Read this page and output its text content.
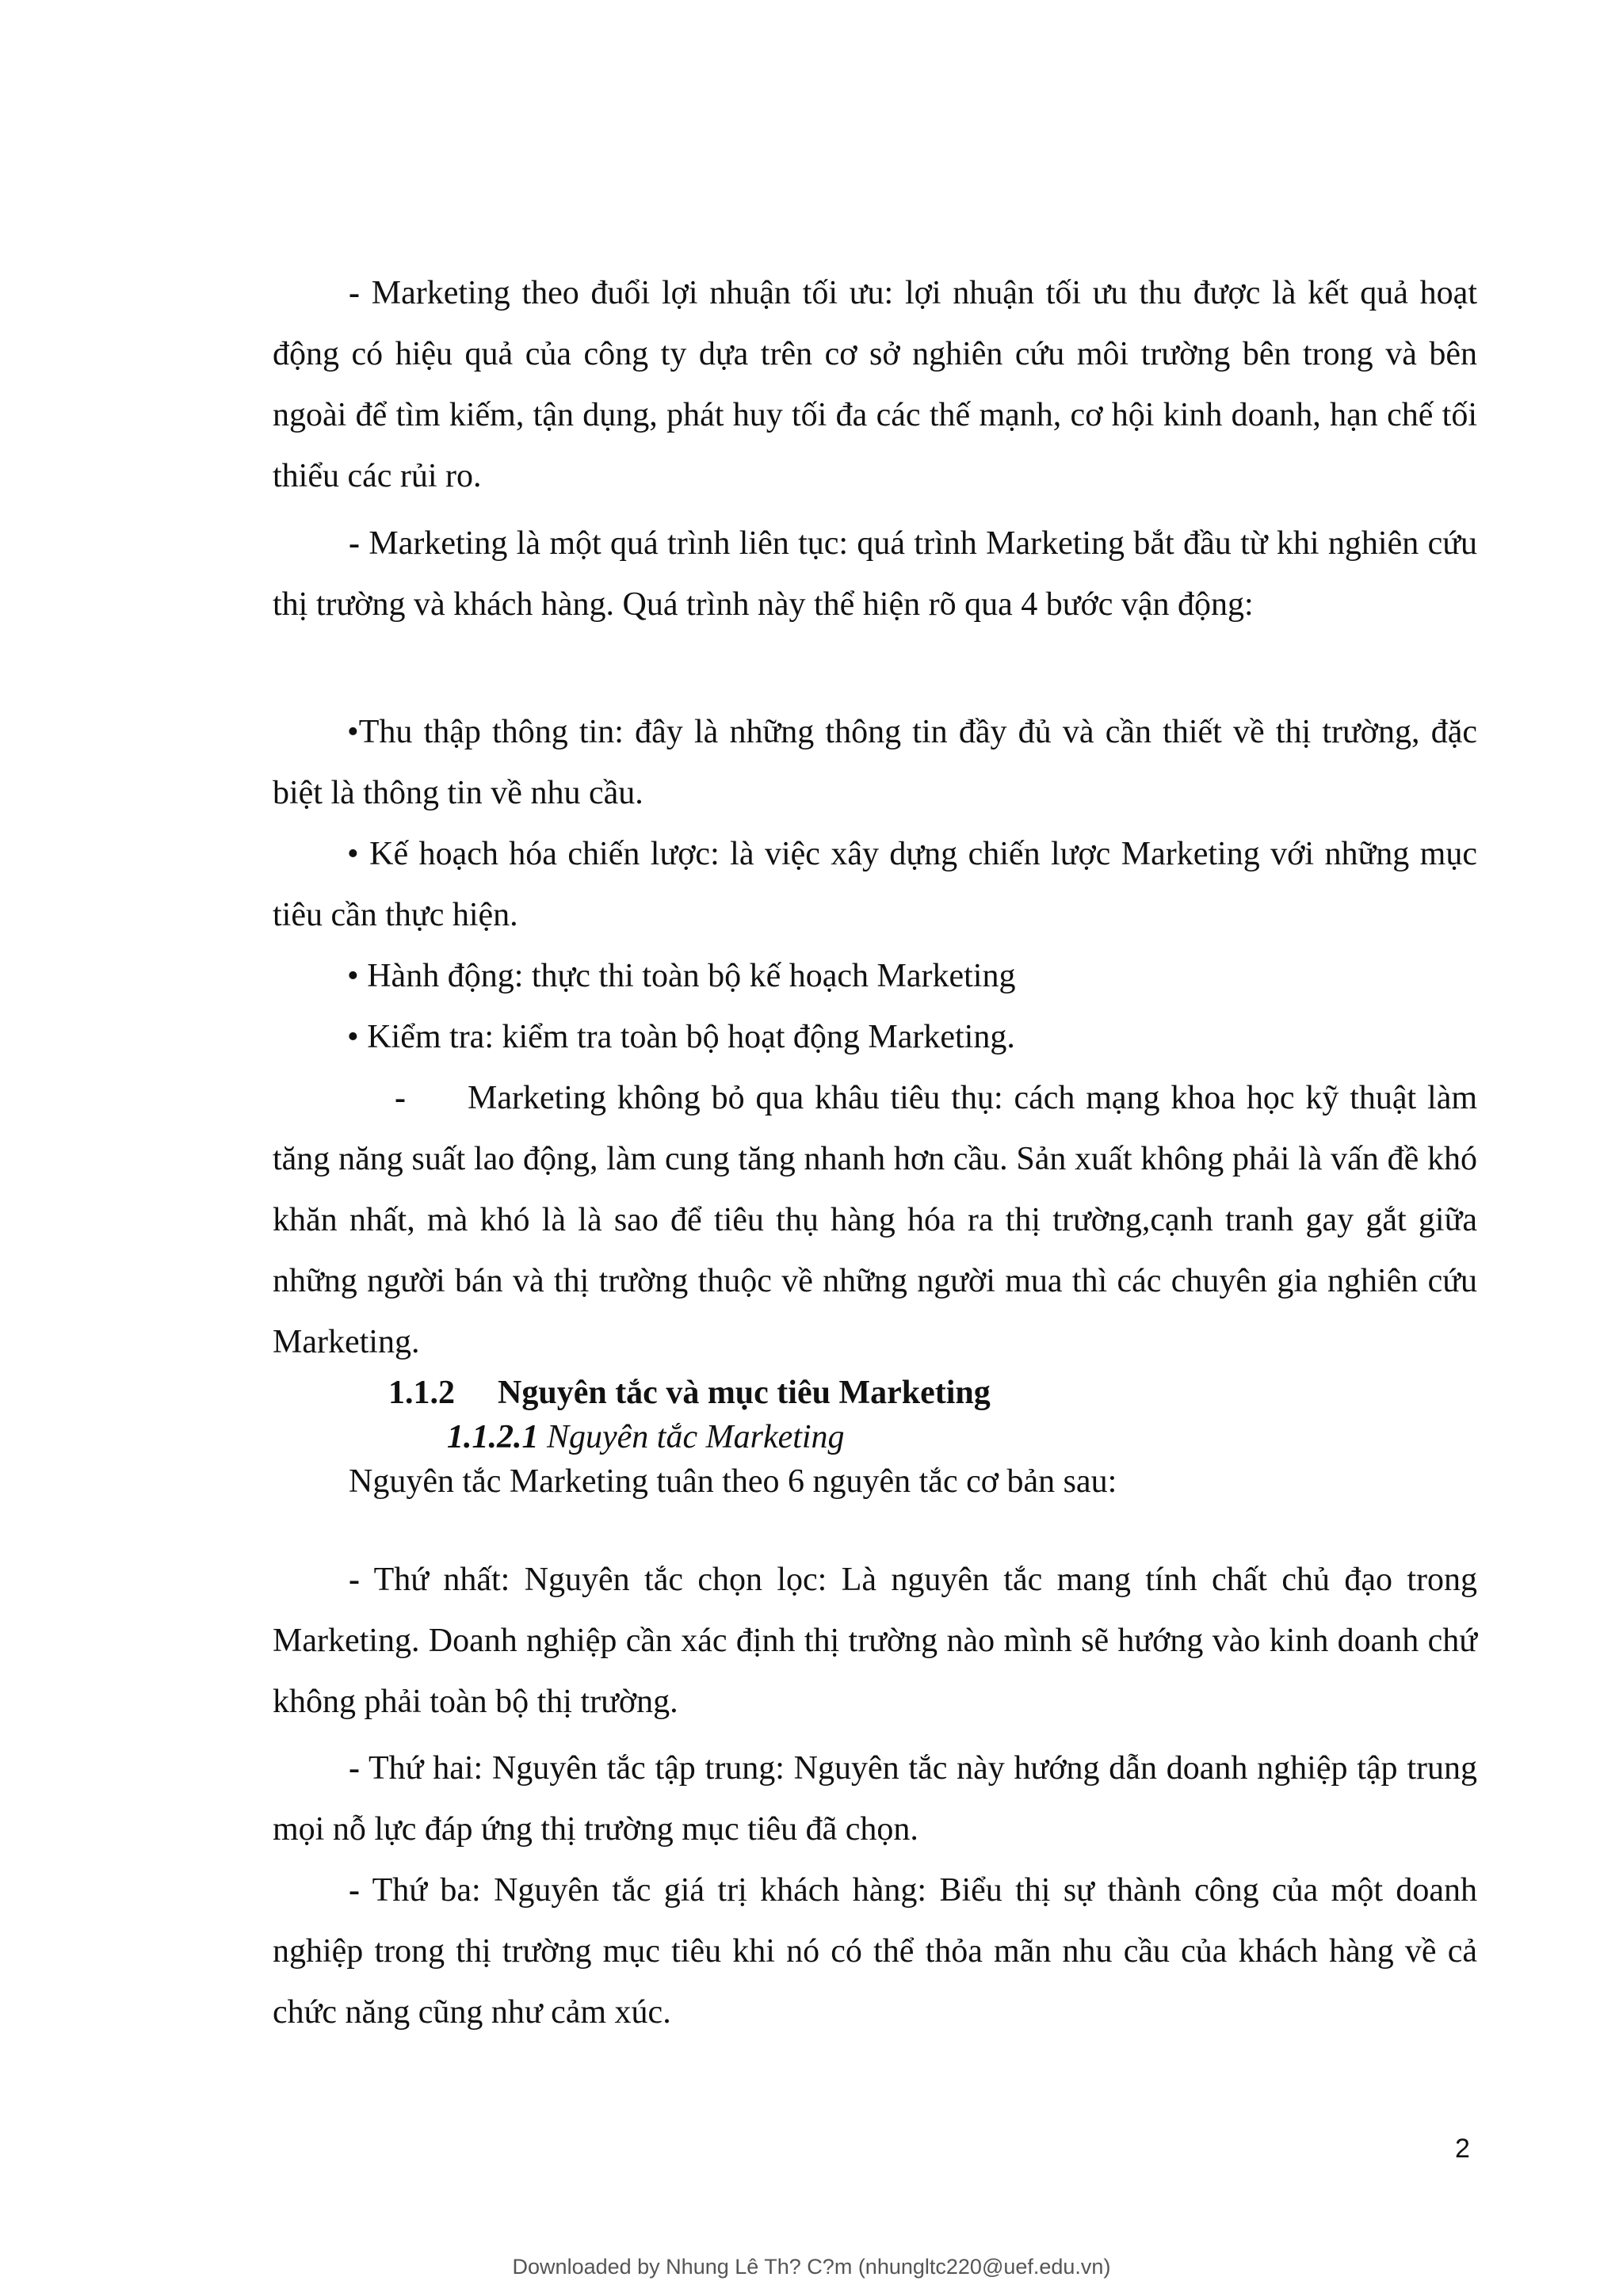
- Marketing theo đuổi lợi nhuận tối ưu: lợi nhuận tối ưu thu được là kết quả hoạt động có hiệu quả của công ty dựa trên cơ sở nghiên cứu môi trường bên trong và bên ngoài để tìm kiếm, tận dụng, phát huy tối đa các thế mạnh, cơ hội kinh doanh, hạn chế tối thiểu các rủi ro.

- Marketing là một quá trình liên tục: quá trình Marketing bắt đầu từ khi nghiên cứu thị trường và khách hàng. Quá trình này thể hiện rõ qua 4 bước vận động:

•Thu thập thông tin: đây là những thông tin đầy đủ và cần thiết về thị trường, đặc biệt là thông tin về nhu cầu.

• Kế hoạch hóa chiến lược: là việc xây dựng chiến lược Marketing với những mục tiêu cần thực hiện.

• Hành động: thực thi toàn bộ kế hoạch Marketing

• Kiểm tra: kiểm tra toàn bộ hoạt động Marketing.

- Marketing không bỏ qua khâu tiêu thụ: cách mạng khoa học kỹ thuật làm tăng năng suất lao động, làm cung tăng nhanh hơn cầu. Sản xuất không phải là vấn đề khó khăn nhất, mà khó là là sao để tiêu thụ hàng hóa ra thị trường,cạnh tranh gay gắt giữa những người bán và thị trường thuộc về những người mua thì các chuyên gia nghiên cứu Marketing.

1.1.2 Nguyên tắc và mục tiêu Marketing

1.1.2.1 Nguyên tắc Marketing

Nguyên tắc Marketing tuân theo 6 nguyên tắc cơ bản sau:

- Thứ nhất: Nguyên tắc chọn lọc: Là nguyên tắc mang tính chất chủ đạo trong Marketing. Doanh nghiệp cần xác định thị trường nào mình sẽ hướng vào kinh doanh chứ không phải toàn bộ thị trường.

- Thứ hai: Nguyên tắc tập trung: Nguyên tắc này hướng dẫn doanh nghiệp tập trung mọi nỗ lực đáp ứng thị trường mục tiêu đã chọn.

- Thứ ba: Nguyên tắc giá trị khách hàng: Biểu thị sự thành công của một doanh nghiệp trong thị trường mục tiêu khi nó có thể thỏa mãn nhu cầu của khách hàng về cả chức năng cũng như cảm xúc.

2

Downloaded by Nhung Lê Th? C?m (nhungltc220@uef.edu.vn)
